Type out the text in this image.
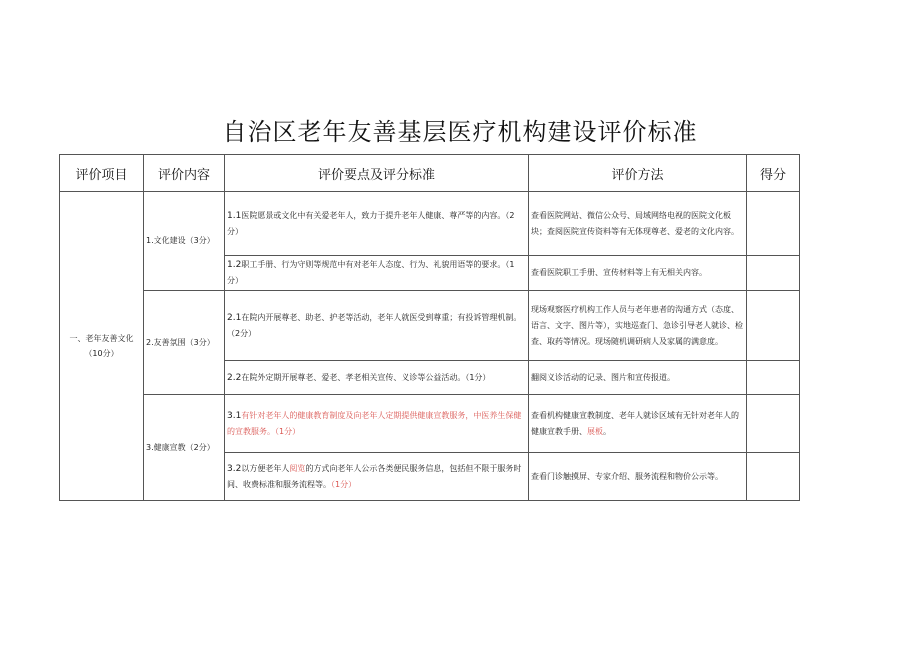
自治区老年友善基层医疗机构建设评价标准
评价项目	评价内容	评价要点及评分标准	评价方法	得分
一、老年友善文化（10分）	1.文化建设（3分）	1.1医院愿景或文化中有关爱老年人，致力于提升老年人健康、尊严等的内容。（2分）	查看医院网站、微信公众号、局域网络电视的医院文化板块；查阅医院宣传资料等有无体现尊老、爱老的文化内容。	
		1.2职工手册、行为守则等规范中有对老年人态度、行为、礼貌用语等的要求。（1分）	查看医院职工手册、宣传材料等上有无相关内容。	
	2.友善氛围（3分）	2.1在院内开展尊老、助老、护老等活动，老年人就医受到尊重；有投诉管理机制。（2分）	现场观察医疗机构工作人员与老年患者的沟通方式（态度、语言、文字、图片等），实地巡查门、急诊引导老人就诊、检查、取药等情况。现场随机调研病人及家属的满意度。	
		2.2在院外定期开展尊老、爱老、孝老相关宣传、义诊等公益活动。（1分）	翻阅义诊活动的记录、图片和宣传报道。	
	3.健康宣教（2分）	3.1有针对老年人的健康教育制度及向老年人定期提供健康宣教服务，中医养生保健的宣教服务。（1分）	查看机构健康宣教制度、老年人就诊区域有无针对老年人的健康宣教手册、展板。	
		3.2以方便老年人阅览的方式向老年人公示各类便民服务信息，包括但不限于服务时间、收费标准和服务流程等。（1分）	查看门诊触摸屏、专家介绍、服务流程和物价公示等。	
